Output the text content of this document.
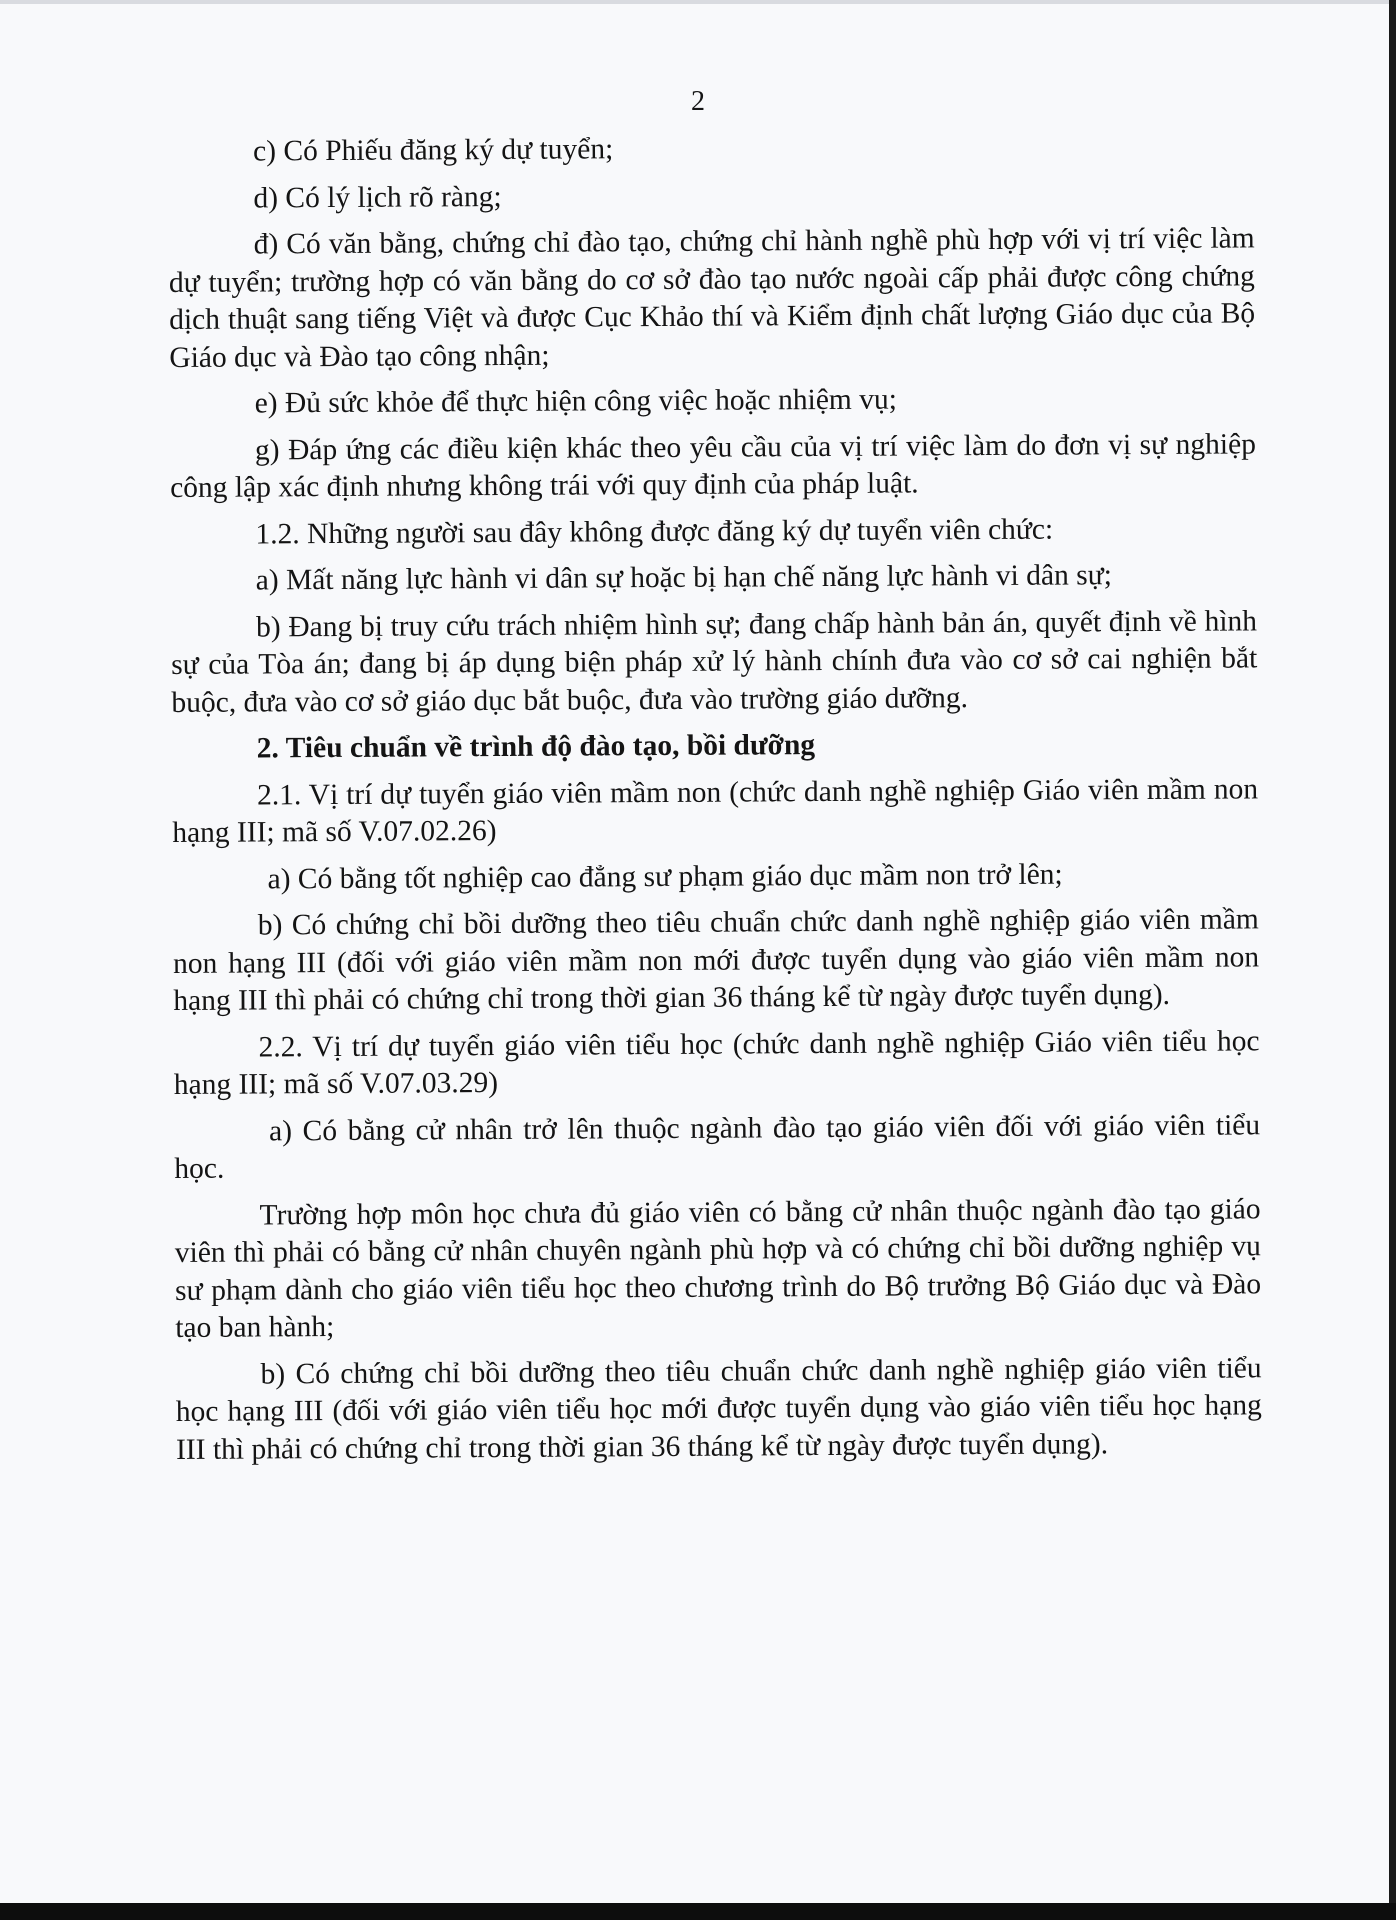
2

c) Có Phiếu đăng ký dự tuyển;

d) Có lý lịch rõ ràng;

đ) Có văn bằng, chứng chỉ đào tạo, chứng chỉ hành nghề phù hợp với vị trí việc làm dự tuyển; trường hợp có văn bằng do cơ sở đào tạo nước ngoài cấp phải được công chứng dịch thuật sang tiếng Việt và được Cục Khảo thí và Kiểm định chất lượng Giáo dục của Bộ Giáo dục và Đào tạo công nhận;

e) Đủ sức khỏe để thực hiện công việc hoặc nhiệm vụ;

g) Đáp ứng các điều kiện khác theo yêu cầu của vị trí việc làm do đơn vị sự nghiệp công lập xác định nhưng không trái với quy định của pháp luật.

1.2. Những người sau đây không được đăng ký dự tuyển viên chức:

a) Mất năng lực hành vi dân sự hoặc bị hạn chế năng lực hành vi dân sự;

b) Đang bị truy cứu trách nhiệm hình sự; đang chấp hành bản án, quyết định về hình sự của Tòa án; đang bị áp dụng biện pháp xử lý hành chính đưa vào cơ sở cai nghiện bắt buộc, đưa vào cơ sở giáo dục bắt buộc, đưa vào trường giáo dưỡng.

2. Tiêu chuẩn về trình độ đào tạo, bồi dưỡng

2.1. Vị trí dự tuyển giáo viên mầm non (chức danh nghề nghiệp Giáo viên mầm non hạng III; mã số V.07.02.26)

a) Có bằng tốt nghiệp cao đẳng sư phạm giáo dục mầm non trở lên;

b) Có chứng chỉ bồi dưỡng theo tiêu chuẩn chức danh nghề nghiệp giáo viên mầm non hạng III (đối với giáo viên mầm non mới được tuyển dụng vào giáo viên mầm non hạng III thì phải có chứng chỉ trong thời gian 36 tháng kể từ ngày được tuyển dụng).

2.2. Vị trí dự tuyển giáo viên tiểu học (chức danh nghề nghiệp Giáo viên tiểu học hạng III; mã số V.07.03.29)

a) Có bằng cử nhân trở lên thuộc ngành đào tạo giáo viên đối với giáo viên tiểu học.

Trường hợp môn học chưa đủ giáo viên có bằng cử nhân thuộc ngành đào tạo giáo viên thì phải có bằng cử nhân chuyên ngành phù hợp và có chứng chỉ bồi dưỡng nghiệp vụ sư phạm dành cho giáo viên tiểu học theo chương trình do Bộ trưởng Bộ Giáo dục và Đào tạo ban hành;

b) Có chứng chỉ bồi dưỡng theo tiêu chuẩn chức danh nghề nghiệp giáo viên tiểu học hạng III (đối với giáo viên tiểu học mới được tuyển dụng vào giáo viên tiểu học hạng III thì phải có chứng chỉ trong thời gian 36 tháng kể từ ngày được tuyển dụng).
